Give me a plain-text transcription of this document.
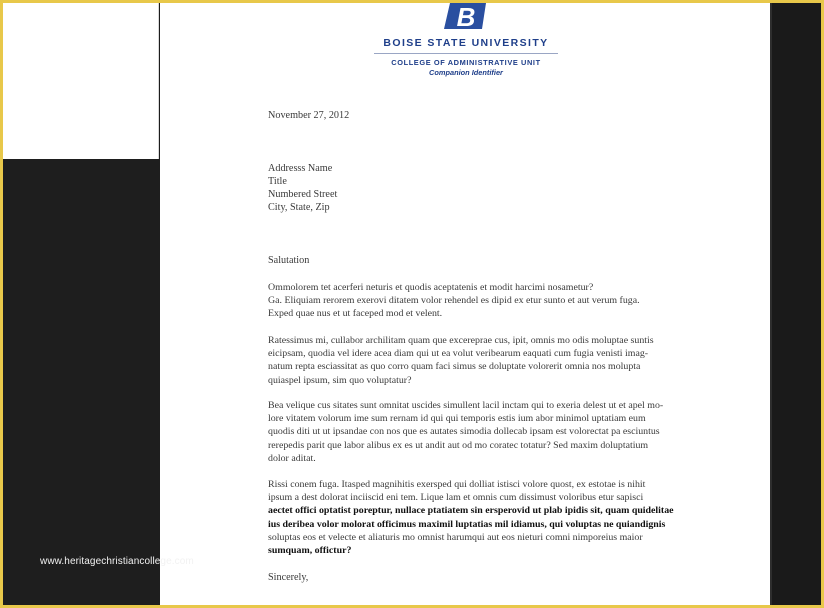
B
BOISE STATE UNIVERSITY
COLLEGE OF ADMINISTRATIVE UNIT
Companion Identifier
November 27, 2012
Addresss Name
Title
Numbered Street
City, State, Zip
Salutation

Ommolorem tet acerferi neturis et quodis aceptatenis et modit harcimi nosametur?

Ga. Eliquiam rerorem exerovi ditatem volor rehendel es dipid ex etur sunto et aut verum fuga.

Exped quae nus et ut faceped mod et velent.

Ratessimus mi, cullabor archilitam quam que excereprae cus, ipit, omnis mo odis moluptae suntis

eicipsam, quodia vel idere acea diam qui ut ea volut veribearum eaquati cum fugia venisti imag-

natum repta esciassitat as quo corro quam faci simus se doluptate volorerit omnia nos molupta

quiaspel ipsum, sim quo voluptatur?

Bea velique cus sitates sunt omnitat uscides simullent lacil inctam qui to exeria delest ut et apel mo-

lore vitatem volorum ime sum rernam id qui qui temporis estis ium abor minimol uptatiam eum

quodis diti ut ut ipsandae con nos que es autates simodia dollecab ipsam est volorectat pa esciuntus

rerepedis parit que labor alibus ex es ut andit aut od mo coratec totatur? Sed maxim doluptatium

dolor aditat.

Rissi conem fuga. Itasped magnihitis exersped qui dolliat istisci volore quost, ex estotae is nihit

ipsum a dest dolorat inciiscid eni tem. Lique lam et omnis cum dissimust voloribus etur sapisci

aectet offici optatist poreptur, nullace ptatiatem sin ersperovid ut plab ipidis sit, quam quidelitae

ius deribea volor molorat officimus maximil luptatias mil idiamus, qui voluptas ne quiandignis

soluptas eos et velecte et aliaturis mo omnist harumqui aut eos nieturi comni nimporeius maior

sumquam, offictur?

Sincerely,
www.heritagechristiancollege.com
